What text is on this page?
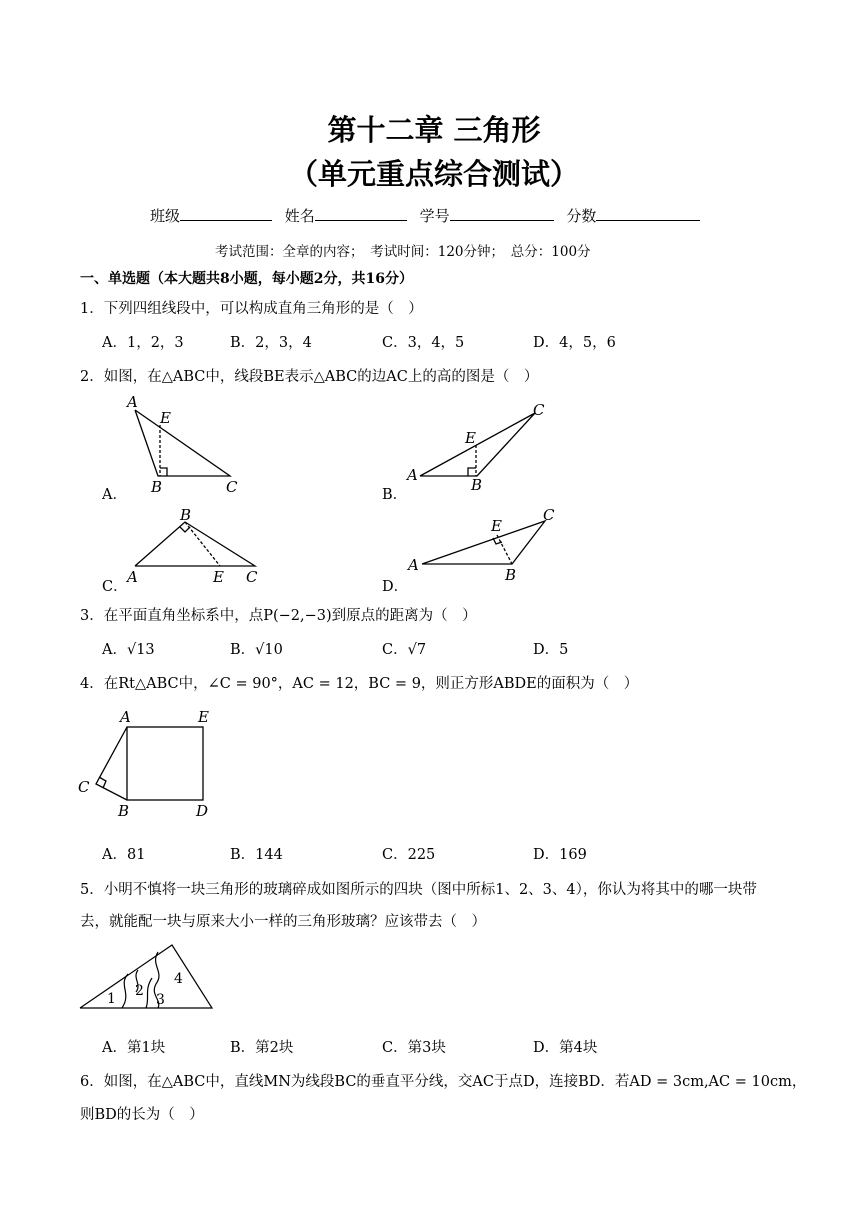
第十二章 三角形
（单元重点综合测试）
班级	姓名	学号	分数
考试范围：全章的内容；　考试时间：120分钟；　总分：100分
一、单选题（本大题共8小题，每小题2分，共16分）
1．下列四组线段中，可以构成直角三角形的是（　）
A．1，2，3	B．2，3，4	C．3，4，5	D．4，5，6
2．如图，在△ABC中，线段BE表示△ABC的边AC上的高的图是（　）
A．
A
E
B	C
C
E
A
B
B
A	E C
C
E
A
B
A	E
C
B	D
1 2
3
4
B．
C．	D．
3．在平面直角坐标系中，点P(−2,−3)到原点的距离为（　）
A．√13	B．√10	C．√7	D．5
4．在Rt△ABC中，∠C = 90°，AC = 12，BC = 9，则正方形ABDE的面积为（　）
A．81	B．144	C．225	D．169
5．小明不慎将一块三角形的玻璃碎成如图所示的四块（图中所标1、2、3、4），你认为将其中的哪一块带
去，就能配一块与原来大小一样的三角形玻璃？应该带去（　）
A．第1块	B．第2块	C．第3块	D．第4块
6．如图，在△ABC中，直线MN为线段BC的垂直平分线，交AC于点D，连接BD．若AD = 3cm,AC = 10cm，
则BD的长为（　）
